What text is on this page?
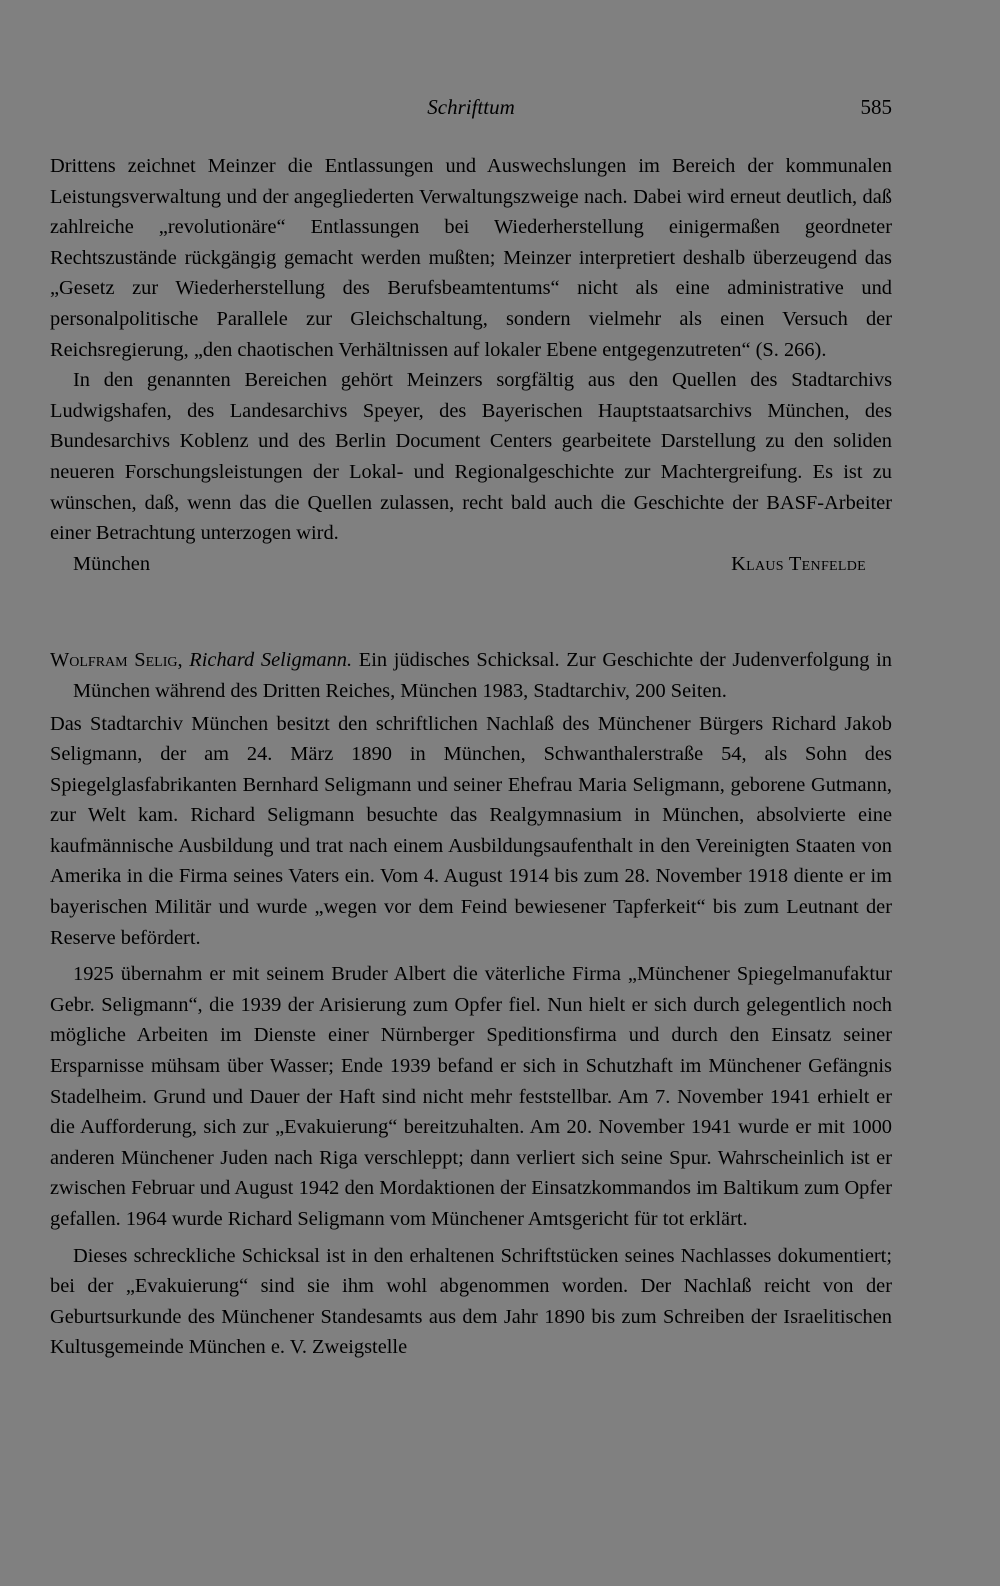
Schrifttum	585

Drittens zeichnet Meinzer die Entlassungen und Auswechslungen im Bereich der kommunalen Leistungsverwaltung und der angegliederten Verwaltungszweige nach. Dabei wird erneut deutlich, daß zahlreiche „revolutionäre“ Entlassungen bei Wiederherstellung einigermaßen geordneter Rechtszustände rückgängig gemacht werden mußten; Meinzer interpretiert deshalb überzeugend das „Gesetz zur Wiederherstellung des Berufsbeamtentums“ nicht als eine administrative und personalpolitische Parallele zur Gleichschaltung, sondern vielmehr als einen Versuch der Reichsregierung, „den chaotischen Verhältnissen auf lokaler Ebene entgegenzutreten“ (S. 266).

In den genannten Bereichen gehört Meinzers sorgfältig aus den Quellen des Stadtarchivs Ludwigshafen, des Landesarchivs Speyer, des Bayerischen Hauptstaatsarchivs München, des Bundesarchivs Koblenz und des Berlin Document Centers gearbeitete Darstellung zu den soliden neueren Forschungsleistungen der Lokal- und Regionalgeschichte zur Machtergreifung. Es ist zu wünschen, daß, wenn das die Quellen zulassen, recht bald auch die Geschichte der BASF-Arbeiter einer Betrachtung unterzogen wird.

München	Klaus Tenfelde

Wolfram Selig, Richard Seligmann. Ein jüdisches Schicksal. Zur Geschichte der Judenverfolgung in München während des Dritten Reiches, München 1983, Stadtarchiv, 200 Seiten.

Das Stadtarchiv München besitzt den schriftlichen Nachlaß des Münchener Bürgers Richard Jakob Seligmann, der am 24. März 1890 in München, Schwanthalerstraße 54, als Sohn des Spiegelglasfabrikanten Bernhard Seligmann und seiner Ehefrau Maria Seligmann, geborene Gutmann, zur Welt kam. Richard Seligmann besuchte das Realgymnasium in München, absolvierte eine kaufmännische Ausbildung und trat nach einem Ausbildungsaufenthalt in den Vereinigten Staaten von Amerika in die Firma seines Vaters ein. Vom 4. August 1914 bis zum 28. November 1918 diente er im bayerischen Militär und wurde „wegen vor dem Feind bewiesener Tapferkeit“ bis zum Leutnant der Reserve befördert.

1925 übernahm er mit seinem Bruder Albert die väterliche Firma „Münchener Spiegelmanufaktur Gebr. Seligmann“, die 1939 der Arisierung zum Opfer fiel. Nun hielt er sich durch gelegentlich noch mögliche Arbeiten im Dienste einer Nürnberger Speditionsfirma und durch den Einsatz seiner Ersparnisse mühsam über Wasser; Ende 1939 befand er sich in Schutzhaft im Münchener Gefängnis Stadelheim. Grund und Dauer der Haft sind nicht mehr feststellbar. Am 7. November 1941 erhielt er die Aufforderung, sich zur „Evakuierung“ bereitzuhalten. Am 20. November 1941 wurde er mit 1000 anderen Münchener Juden nach Riga verschleppt; dann verliert sich seine Spur. Wahrscheinlich ist er zwischen Februar und August 1942 den Mordaktionen der Einsatzkommandos im Baltikum zum Opfer gefallen. 1964 wurde Richard Seligmann vom Münchener Amtsgericht für tot erklärt.

Dieses schreckliche Schicksal ist in den erhaltenen Schriftstücken seines Nachlasses dokumentiert; bei der „Evakuierung“ sind sie ihm wohl abgenommen worden. Der Nachlaß reicht von der Geburtsurkunde des Münchener Standesamts aus dem Jahr 1890 bis zum Schreiben der Israelitischen Kultusgemeinde München e. V. Zweigstelle
